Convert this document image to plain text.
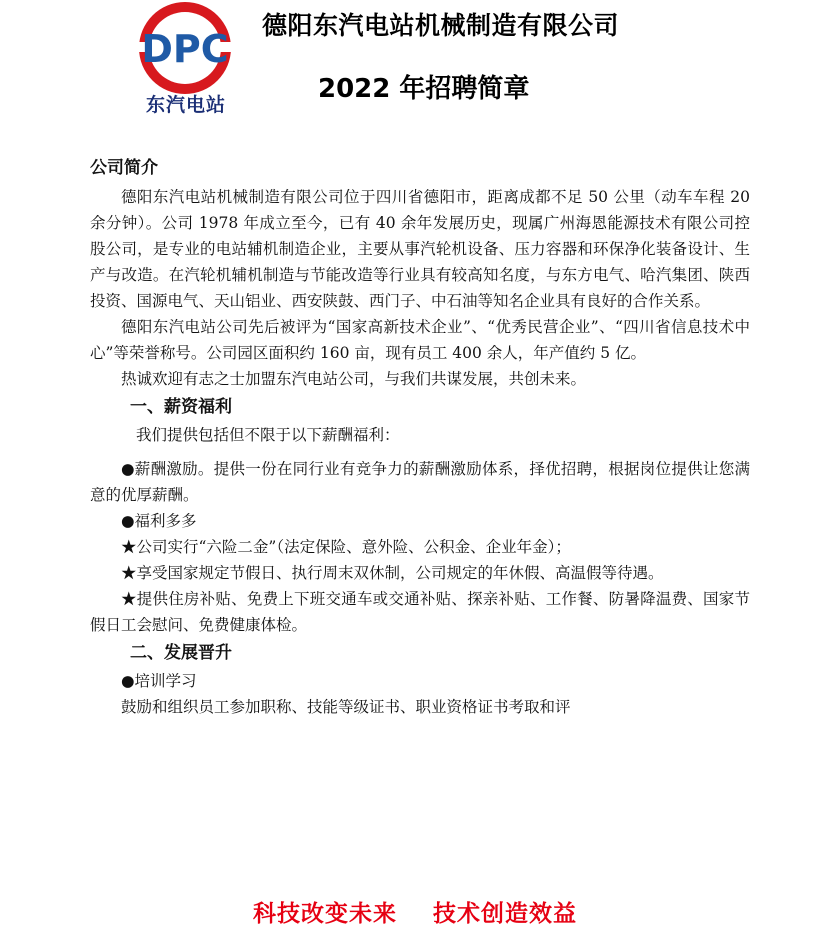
DPC
东汽电站
德阳东汽电站机械制造有限公司
2022 年招聘简章

公司简介

德阳东汽电站机械制造有限公司位于四川省德阳市，距离成都不足 50 公里（动车车程 20 余分钟）。公司 1978 年成立至今，已有 40 余年发展历史，现属广州海恩能源技术有限公司控股公司，是专业的电站辅机制造企业，主要从事汽轮机设备、压力容器和环保净化装备设计、生产与改造。在汽轮机辅机制造与节能改造等行业具有较高知名度，与东方电气、哈汽集团、陕西投资、国源电气、天山铝业、西安陕鼓、西门子、中石油等知名企业具有良好的合作关系。

德阳东汽电站公司先后被评为“国家高新技术企业”、“优秀民营企业”、“四川省信息技术中心”等荣誉称号。公司园区面积约 160 亩，现有员工 400 余人，年产值约 5 亿。

热诚欢迎有志之士加盟东汽电站公司，与我们共谋发展，共创未来。

一、薪资福利

我们提供包括但不限于以下薪酬福利：

●薪酬激励。提供一份在同行业有竞争力的薪酬激励体系，择优招聘，根据岗位提供让您满意的优厚薪酬。

●福利多多

★公司实行“六险二金”（法定保险、意外险、公积金、企业年金）；

★享受国家规定节假日、执行周末双休制，公司规定的年休假、高温假等待遇。

★提供住房补贴、免费上下班交通车或交通补贴、探亲补贴、工作餐、防暑降温费、国家节假日工会慰问、免费健康体检。

二、发展晋升

●培训学习

鼓励和组织员工参加职称、技能等级证书、职业资格证书考取和评

科技改变未来    技术创造效益
